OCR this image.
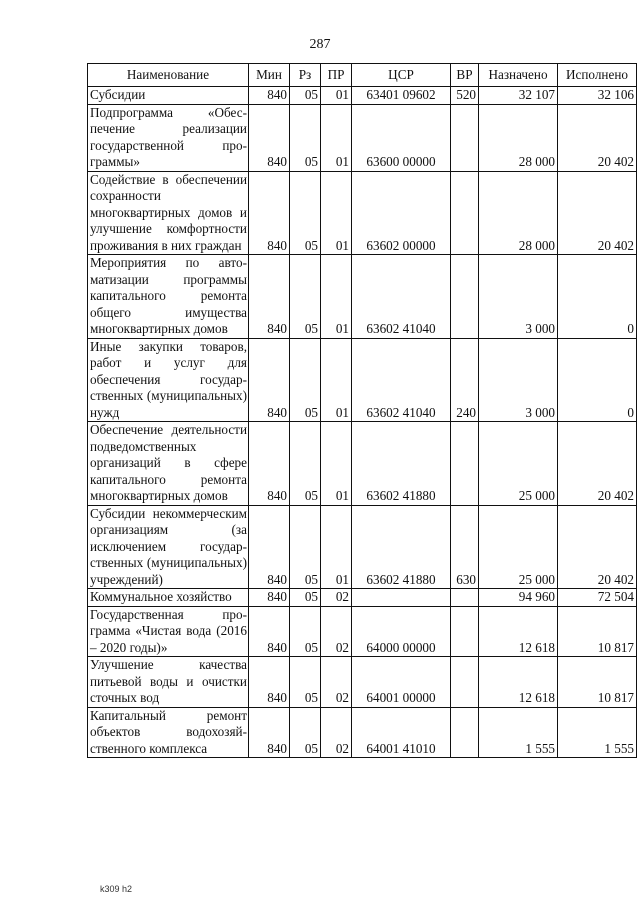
287
Наименование	Мин	Рз	ПР	ЦСР	ВР	Назначено	Исполнено
Субсидии	840	05	01	63401 09602	520	32 107	32 106
Подпрограмма «Обеспечение реализации государственной программы»	840	05	01	63600 00000		28 000	20 402
Содействие в обеспечении сохранности многоквартирных домов и улучшение комфортности проживания в них граждан	840	05	01	63602 00000		28 000	20 402
Мероприятия по автоматизации программы капитального ремонта общего имущества многоквартирных домов	840	05	01	63602 41040		3 000	0
Иные закупки товаров, работ и услуг для обеспечения государственных (муниципальных) нужд	840	05	01	63602 41040	240	3 000	0
Обеспечение деятельности подведомственных организаций в сфере капитального ремонта многоквартирных домов	840	05	01	63602 41880		25 000	20 402
Субсидии некоммерческим организациям (за исключением государственных (муниципальных) учреждений)	840	05	01	63602 41880	630	25 000	20 402
Коммунальное хозяйство	840	05	02			94 960	72 504
Государственная программа «Чистая вода (2016 – 2020 годы)»	840	05	02	64000 00000		12 618	10 817
Улучшение качества питьевой воды и очистки сточных вод	840	05	02	64001 00000		12 618	10 817
Капитальный ремонт объектов водохозяйственного комплекса	840	05	02	64001 41010		1 555	1 555
k309 h2
